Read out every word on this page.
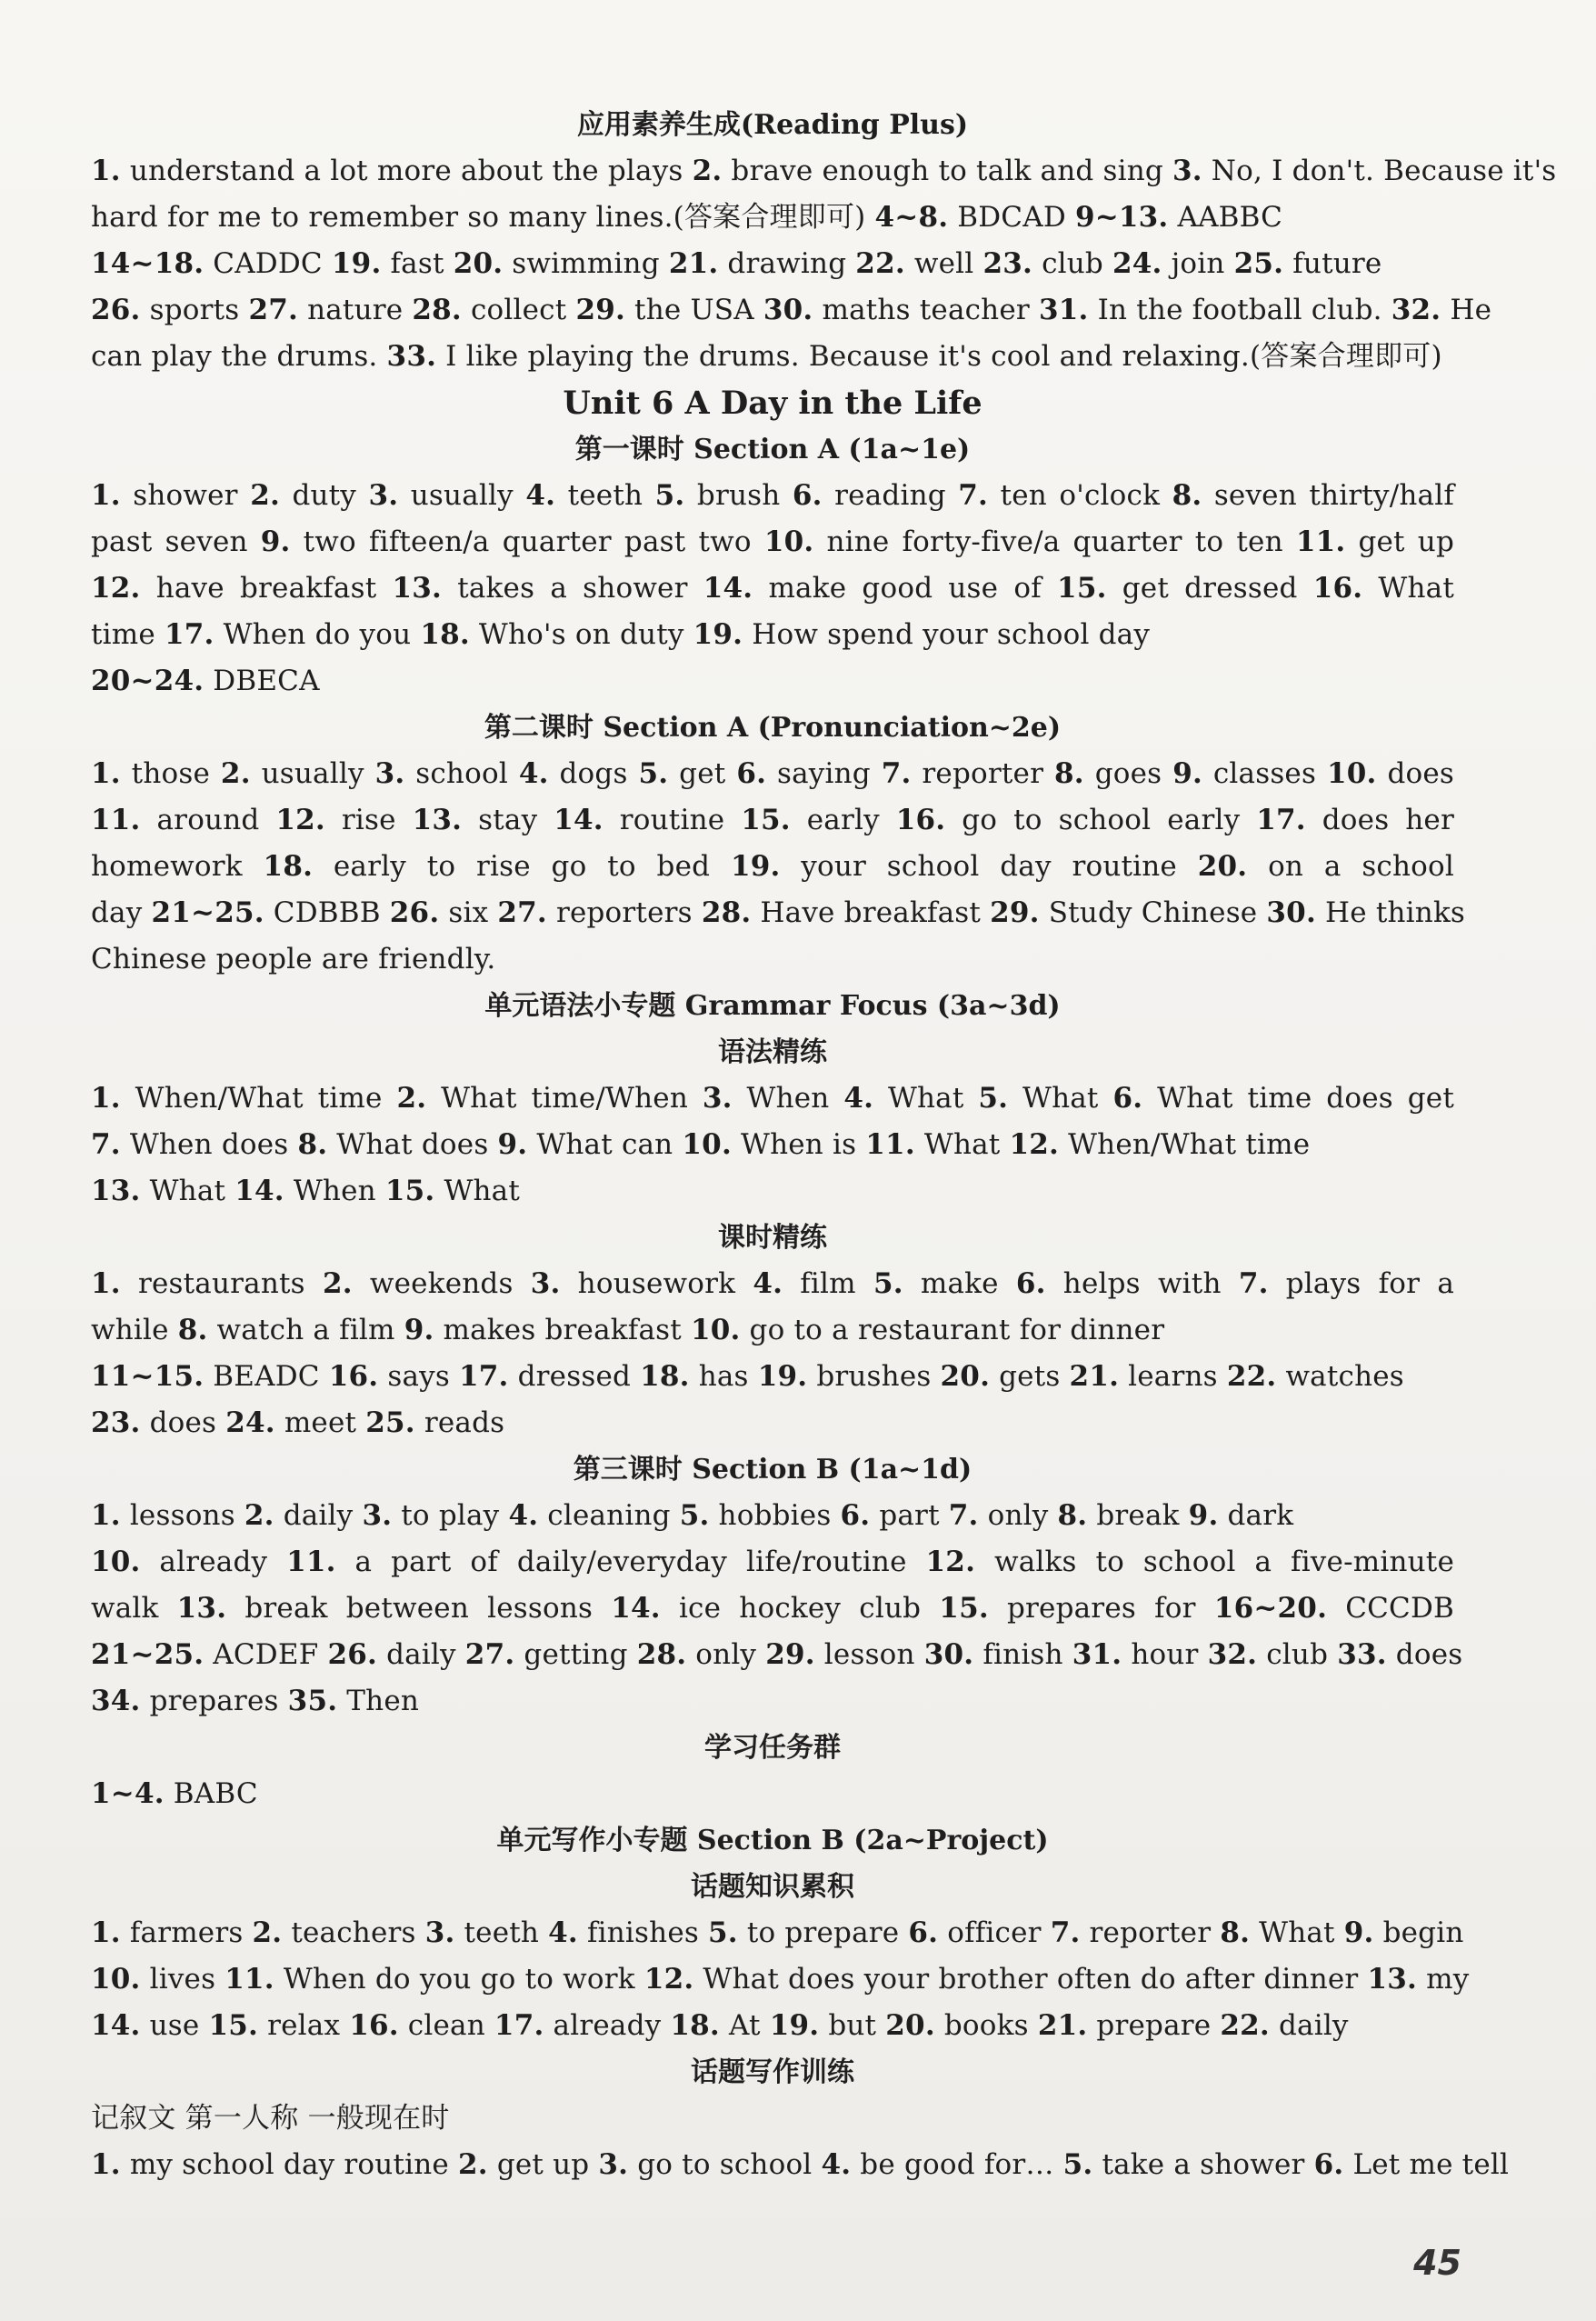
应用素养生成(Reading Plus)
1. understand a lot more about the plays 2. brave enough to talk and sing 3. No, I don't. Because it's
hard for me to remember so many lines.(答案合理即可) 4~8. BDCAD 9~13. AABBC
14~18. CADDC 19. fast 20. swimming 21. drawing 22. well 23. club 24. join 25. future
26. sports 27. nature 28. collect 29. the USA 30. maths teacher 31. In the football club. 32. He
can play the drums. 33. I like playing the drums. Because it's cool and relaxing.(答案合理即可)
Unit 6 A Day in the Life
第一课时 Section A (1a~1e)
1. shower 2. duty 3. usually 4. teeth 5. brush 6. reading 7. ten o'clock 8. seven thirty/half
past seven 9. two fifteen/a quarter past two 10. nine forty-five/a quarter to ten 11. get up
12. have breakfast 13. takes a shower 14. make good use of 15. get dressed 16. What
time 17. When do you 18. Who's on duty 19. How spend your school day
20~24. DBECA
第二课时 Section A (Pronunciation~2e)
1. those 2. usually 3. school 4. dogs 5. get 6. saying 7. reporter 8. goes 9. classes 10. does
11. around 12. rise 13. stay 14. routine 15. early 16. go to school early 17. does her
homework 18. early to rise go to bed 19. your school day routine 20. on a school
day 21~25. CDBBB 26. six 27. reporters 28. Have breakfast 29. Study Chinese 30. He thinks
Chinese people are friendly.
单元语法小专题 Grammar Focus (3a~3d)
语法精练
1. When/What time 2. What time/When 3. When 4. What 5. What 6. What time does get
7. When does 8. What does 9. What can 10. When is 11. What 12. When/What time
13. What 14. When 15. What
课时精练
1. restaurants 2. weekends 3. housework 4. film 5. make 6. helps with 7. plays for a
while 8. watch a film 9. makes breakfast 10. go to a restaurant for dinner
11~15. BEADC 16. says 17. dressed 18. has 19. brushes 20. gets 21. learns 22. watches
23. does 24. meet 25. reads
第三课时 Section B (1a~1d)
1. lessons 2. daily 3. to play 4. cleaning 5. hobbies 6. part 7. only 8. break 9. dark
10. already 11. a part of daily/everyday life/routine 12. walks to school a five-minute
walk 13. break between lessons 14. ice hockey club 15. prepares for 16~20. CCCDB
21~25. ACDEF 26. daily 27. getting 28. only 29. lesson 30. finish 31. hour 32. club 33. does
34. prepares 35. Then
学习任务群
1~4. BABC
单元写作小专题 Section B (2a~Project)
话题知识累积
1. farmers 2. teachers 3. teeth 4. finishes 5. to prepare 6. officer 7. reporter 8. What 9. begin
10. lives 11. When do you go to work 12. What does your brother often do after dinner 13. my
14. use 15. relax 16. clean 17. already 18. At 19. but 20. books 21. prepare 22. daily
话题写作训练
记叙文 第一人称 一般现在时
1. my school day routine 2. get up 3. go to school 4. be good for… 5. take a shower 6. Let me tell
45
